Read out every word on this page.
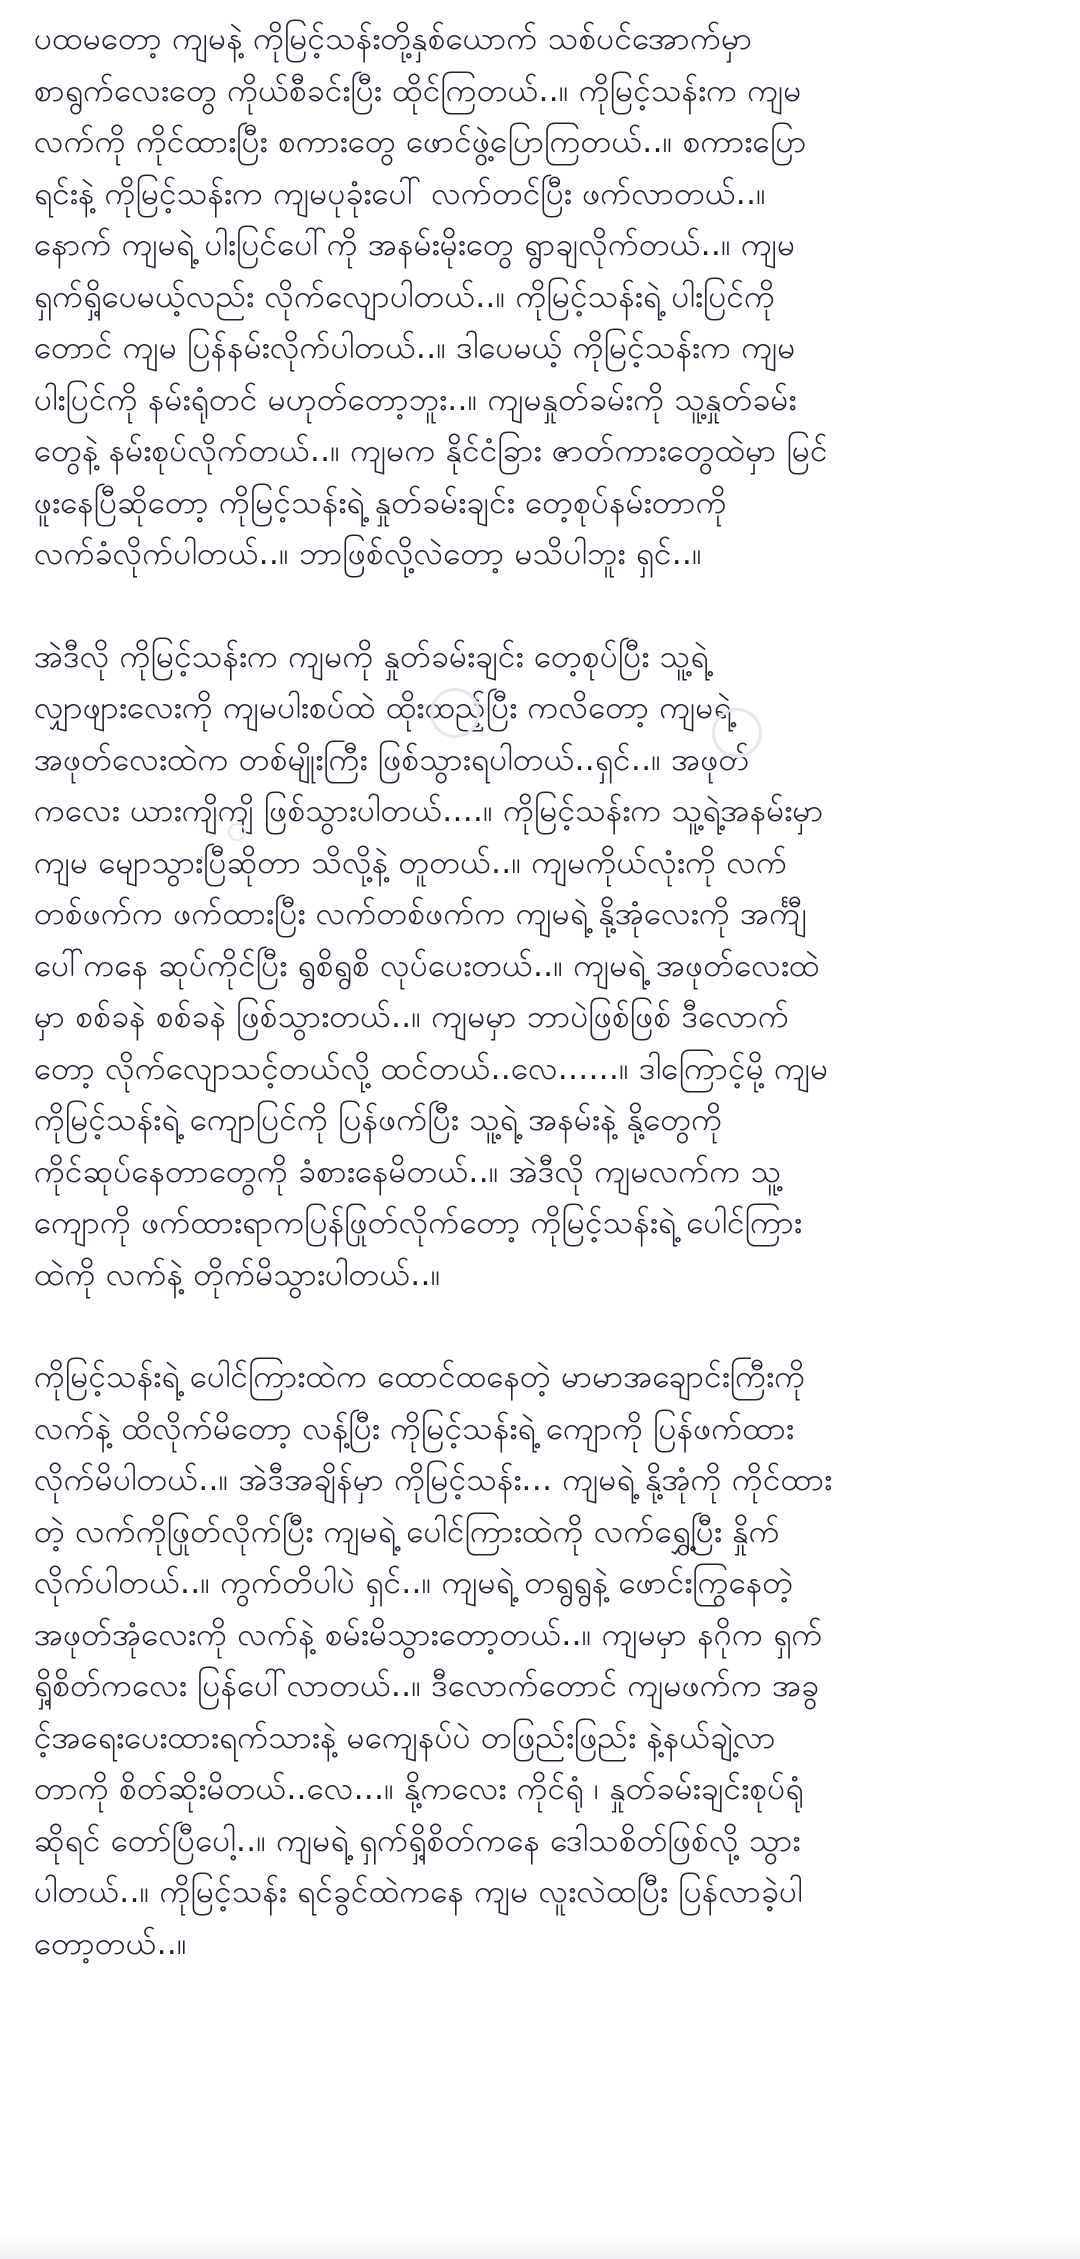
ပထမတော့ ကျမနဲ့ ကိုမြင့်သန်းတို့နှစ်ယောက် သစ်ပင်အောက်မှာ
စာရွက်လေးတွေ ကိုယ်စီခင်းပြီး ထိုင်ကြတယ်..။ ကိုမြင့်သန်းက ကျမ
လက်ကို ကိုင်ထားပြီး စကားတွေ ဖောင်ဖွဲ့ပြောကြတယ်..။ စကားပြော
ရင်းနဲ့ ကိုမြင့်သန်းက ကျမပုခုံးပေါ် လက်တင်ပြီး ဖက်လာတယ်..။
နောက် ကျမရဲ့ ပါးပြင်ပေါ်ကို အနမ်းမိုးတွေ ရွာချလိုက်တယ်..။ ကျမ
ရှက်ရှိ့ပေမယ့်လည်း လိုက်လျောပါတယ်..။ ကိုမြင့်သန်းရဲ့ ပါးပြင်ကို
တောင် ကျမ ပြန်နမ်းလိုက်ပါတယ်..။ ဒါပေမယ့် ကိုမြင့်သန်းက ကျမ
ပါးပြင်ကို နမ်းရုံတင် မဟုတ်တော့ဘူး..။ ကျမနှုတ်ခမ်းကို သူ့နှုတ်ခမ်း
တွေနဲ့ နမ်းစုပ်လိုက်တယ်..။ ကျမက နိုင်ငံခြား ဇာတ်ကားတွေထဲမှာ မြင်
ဖူးနေပြီဆိုတော့ ကိုမြင့်သန်းရဲ့ နှုတ်ခမ်းချင်း တေ့စုပ်နမ်းတာကို
လက်ခံလိုက်ပါတယ်..။ ဘာဖြစ်လို့လဲတော့ မသိပါဘူး ရှင်..။

အဲဒီလို ကိုမြင့်သန်းက ကျမကို နှုတ်ခမ်းချင်း တေ့စုပ်ပြီး သူ့ရဲ့
လျှာဖျားလေးကို ကျမပါးစပ်ထဲ ထိုးထည့်ပြီး ကလိတော့ ကျမရဲ့
အဖုတ်လေးထဲက တစ်မျိုးကြီး ဖြစ်သွားရပါတယ်..ရှင်..။ အဖုတ်
ကလေး ယားကျိကျိ ဖြစ်သွားပါတယ်....။ ကိုမြင့်သန်းက သူ့ရဲ့အနမ်းမှာ
ကျမ မျောသွားပြီဆိုတာ သိလို့နဲ့ တူတယ်..။ ကျမကိုယ်လုံးကို လက်
တစ်ဖက်က ဖက်ထားပြီး လက်တစ်ဖက်က ကျမရဲ့ နို့အုံလေးကို အင်္ကျီ
ပေါ်ကနေ ဆုပ်ကိုင်ပြီး ရွစိရွစိ လုပ်ပေးတယ်..။ ကျမရဲ့ အဖုတ်လေးထဲ
မှာ စစ်ခနဲ စစ်ခနဲ ဖြစ်သွားတယ်..။ ကျမမှာ ဘာပဲဖြစ်ဖြစ် ဒီလောက်
တော့ လိုက်လျောသင့်တယ်လို့ ထင်တယ်..လေ......။ ဒါကြောင့်မို့ ကျမ
ကိုမြင့်သန်းရဲ့ ကျောပြင်ကို ပြန်ဖက်ပြီး သူ့ရဲ့ အနမ်းနဲ့ နို့တွေကို
ကိုင်ဆုပ်နေတာတွေကို ခံစားနေမိတယ်..။ အဲဒီလို ကျမလက်က သူ့
ကျောကို ဖက်ထားရာကပြန်ဖြုတ်လိုက်တော့ ကိုမြင့်သန်းရဲ့ ပေါင်ကြား
ထဲကို လက်နဲ့ တိုက်မိသွားပါတယ်..။

ကိုမြင့်သန်းရဲ့ ပေါင်ကြားထဲက ထောင်ထနေတဲ့ မာမာအချောင်းကြီးကို
လက်နဲ့ ထိလိုက်မိတော့ လန့်ပြီး ကိုမြင့်သန်းရဲ့ ကျောကို ပြန်ဖက်ထား
လိုက်မိပါတယ်..။ အဲဒီအချိန်မှာ ကိုမြင့်သန်း... ကျမရဲ့ နို့အုံကို ကိုင်ထား
တဲ့ လက်ကိုဖြုတ်လိုက်ပြီး ကျမရဲ့ ပေါင်ကြားထဲကို လက်ရွှေ့ပြီး နှိုက်
လိုက်ပါတယ်..။ ကွက်တိပါပဲ ရှင်..။ ကျမရဲ့ တရွရွနဲ့ ဖောင်းကြွနေတဲ့
အဖုတ်အုံလေးကို လက်နဲ့ စမ်းမိသွားတော့တယ်..။ ကျမမှာ နဂိုက ရှက်
ရှိ့စိတ်ကလေး ပြန်ပေါ်လာတယ်..။ ဒီလောက်တောင် ကျမဖက်က အခွ
င့်အရေးပေးထားရက်သားနဲ့ မကျေနပ်ပဲ တဖြည်းဖြည်း နဲ့နယ်ချဲ့လာ
တာကို စိတ်ဆိုးမိတယ်..လေ...။ နို့ကလေး ကိုင်ရုံ ၊ နှုတ်ခမ်းချင်းစုပ်ရုံ
ဆိုရင် တော်ပြီပေါ့..။ ကျမရဲ့ ရှက်ရှိ့စိတ်ကနေ ဒေါသစိတ်ဖြစ်လို့ သွား
ပါတယ်..။ ကိုမြင့်သန်း ရင်ခွင်ထဲကနေ ကျမ လူးလဲထပြီး ပြန်လာခဲ့ပါ
တော့တယ်..။
